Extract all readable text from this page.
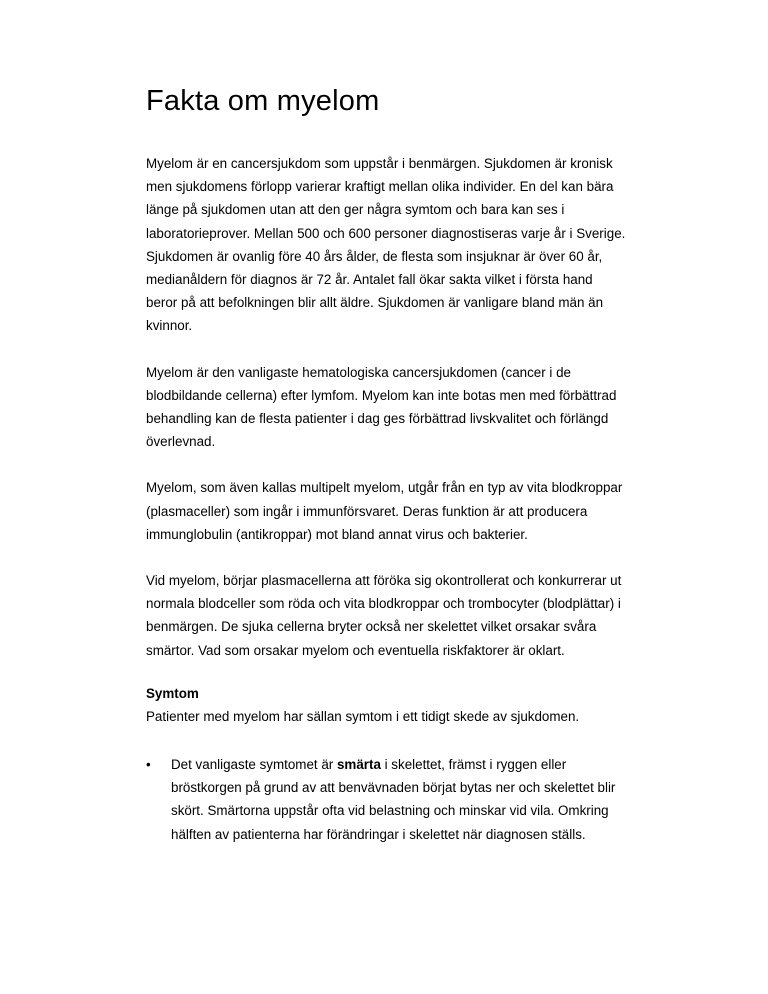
Fakta om myelom

Myelom är en cancersjukdom som uppstår i benmärgen. Sjukdomen är kronisk men sjukdomens förlopp varierar kraftigt mellan olika individer. En del kan bära länge på sjukdomen utan att den ger några symtom och bara kan ses i laboratorieprover. Mellan 500 och 600 personer diagnostiseras varje år i Sverige. Sjukdomen är ovanlig före 40 års ålder, de flesta som insjuknar är över 60 år, medianåldern för diagnos är 72 år. Antalet fall ökar sakta vilket i första hand beror på att befolkningen blir allt äldre. Sjukdomen är vanligare bland män än kvinnor.

Myelom är den vanligaste hematologiska cancersjukdomen (cancer i de blodbildande cellerna) efter lymfom. Myelom kan inte botas men med förbättrad behandling kan de flesta patienter i dag ges förbättrad livskvalitet och förlängd överlevnad.

Myelom, som även kallas multipelt myelom, utgår från en typ av vita blodkroppar (plasmaceller) som ingår i immunförsvaret. Deras funktion är att producera immunglobulin (antikroppar) mot bland annat virus och bakterier.

Vid myelom, börjar plasmacellerna att föröka sig okontrollerat och konkurrerar ut normala blodceller som röda och vita blodkroppar och trombocyter (blodplättar) i benmärgen. De sjuka cellerna bryter också ner skelettet vilket orsakar svåra smärtor. Vad som orsakar myelom och eventuella riskfaktorer är oklart.

Symtom

Patienter med myelom har sällan symtom i ett tidigt skede av sjukdomen.

• Det vanligaste symtomet är smärta i skelettet, främst i ryggen eller bröstkorgen på grund av att benvävnaden börjat bytas ner och skelettet blir skört. Smärtorna uppstår ofta vid belastning och minskar vid vila. Omkring hälften av patienterna har förändringar i skelettet när diagnosen ställs.
